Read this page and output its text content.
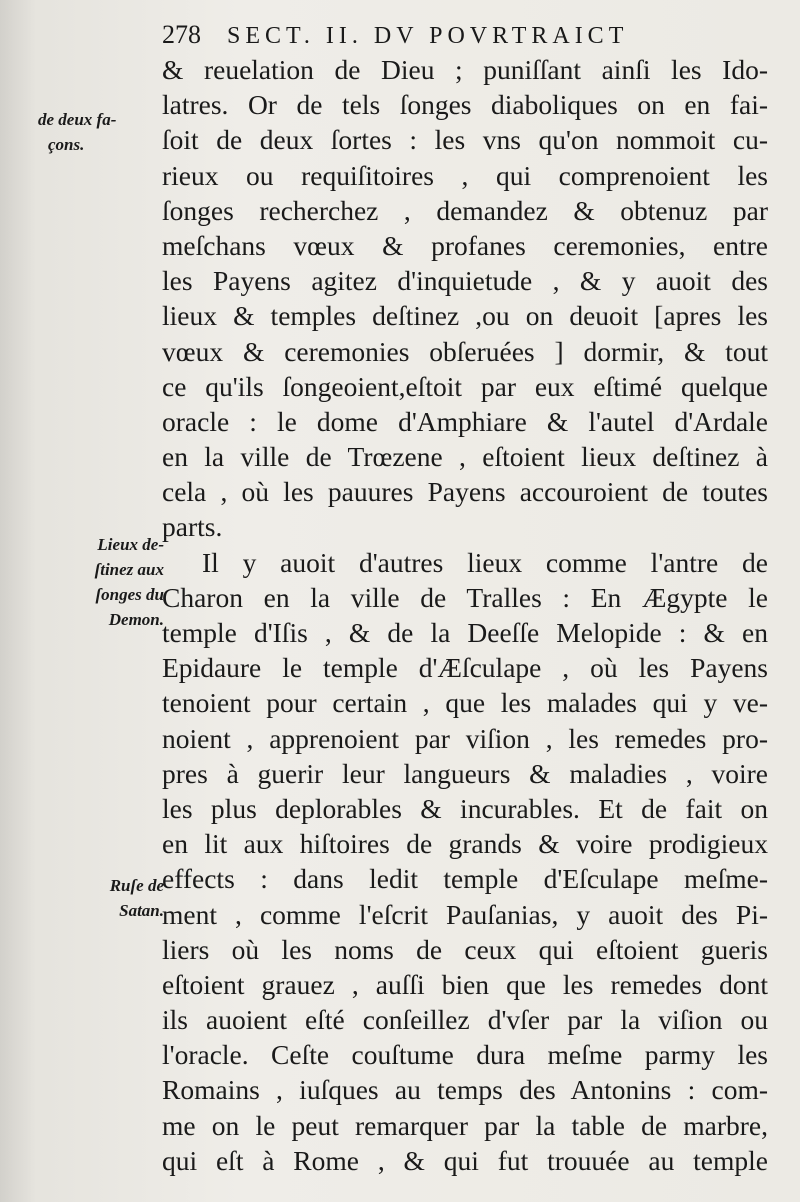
278 SECT. II. DV POVRTRAICT
de deux fa-
çons.
Lieux de-
ſtinez aux
ſonges du
Demon.
Ruſe de
Satan.
& reuelation de Dieu ; puniſſant ainſi les Ido-
latres. Or de tels ſonges diaboliques on en fai-
ſoit de deux ſortes : les vns qu'on nommoit cu-
rieux ou requiſitoires , qui comprenoient les
ſonges recherchez , demandez & obtenuz par
meſchans vœux & profanes ceremonies, entre
les Payens agitez d'inquietude , & y auoit des
lieux & temples deſtinez ,ou on deuoit [apres les
vœux & ceremonies obſeruées ] dormir, & tout
ce qu'ils ſongeoient,eſtoit par eux eſtimé quelque
oracle : le dome d'Amphiare & l'autel d'Ardale
en la ville de Trœzene , eſtoient lieux deſtinez à
cela , où les pauures Payens accouroient de toutes
parts.
Il y auoit d'autres lieux comme l'antre de
Charon en la ville de Tralles : En Ægypte le
temple d'Iſis , & de la Deeſſe Melopide : & en
Epidaure le temple d'Æſculape , où les Payens
tenoient pour certain , que les malades qui y ve-
noient , apprenoient par viſion , les remedes pro-
pres à guerir leur langueurs & maladies , voire
les plus deplorables & incurables. Et de fait on
en lit aux hiſtoires de grands & voire prodigieux
effects : dans ledit temple d'Eſculape meſme-
ment , comme l'eſcrit Pauſanias, y auoit des Pi-
liers où les noms de ceux qui eſtoient gueris
eſtoient grauez , auſſi bien que les remedes dont
ils auoient eſté conſeillez d'vſer par la viſion ou
l'oracle. Ceſte couſtume dura meſme parmy les
Romains , iuſques au temps des Antonins : com-
me on le peut remarquer par la table de marbre,
qui eſt à Rome , & qui fut trouuée au temple
